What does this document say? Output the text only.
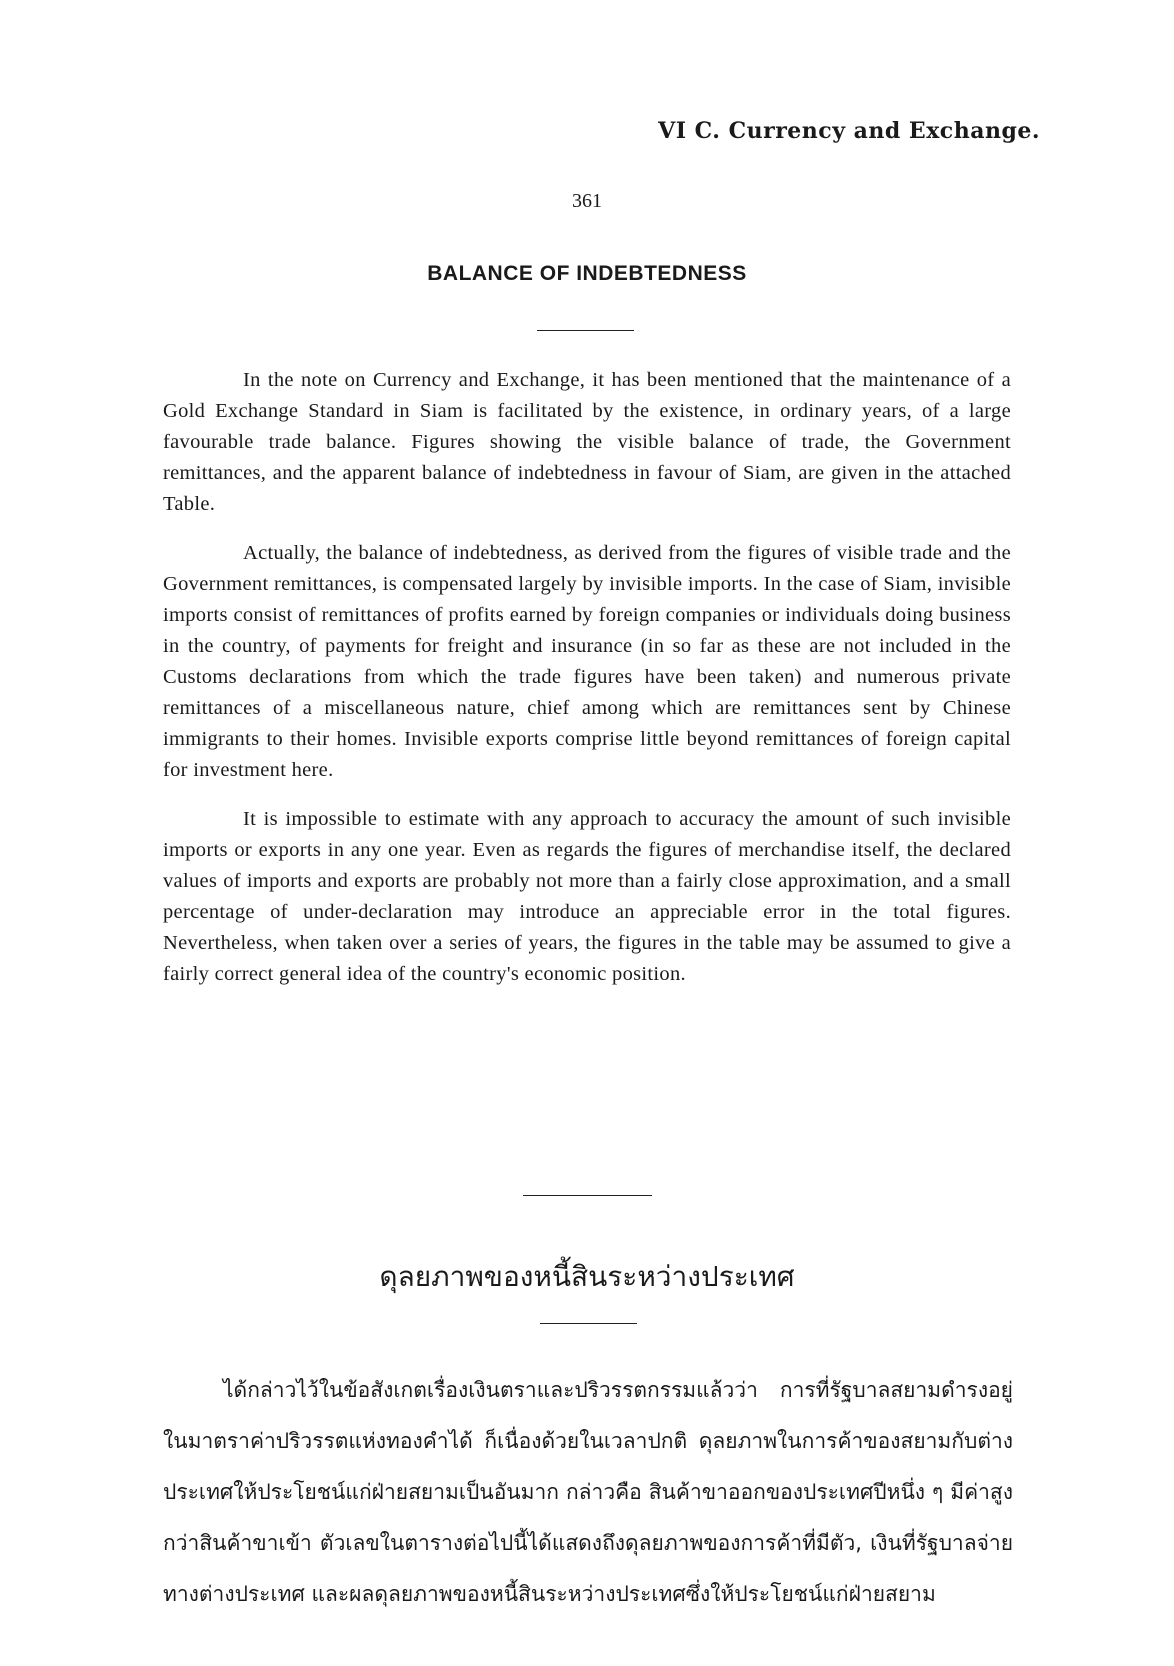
VI C. Currency and Exchange.
361
BALANCE OF INDEBTEDNESS

In the note on Currency and Exchange, it has been mentioned that the maintenance of a Gold Exchange Standard in Siam is facilitated by the existence, in ordinary years, of a large favourable trade balance. Figures showing the visible balance of trade, the Government remittances, and the apparent balance of indebtedness in favour of Siam, are given in the attached Table.

Actually, the balance of indebtedness, as derived from the figures of visible trade and the Government remittances, is compensated largely by invisible imports. In the case of Siam, invisible imports consist of remittances of profits earned by foreign companies or individuals doing business in the country, of payments for freight and insurance (in so far as these are not included in the Customs declarations from which the trade figures have been taken) and numerous private remittances of a miscellaneous nature, chief among which are remittances sent by Chinese immigrants to their homes. Invisible exports comprise little beyond remittances of foreign capital for investment here.

It is impossible to estimate with any approach to accuracy the amount of such invisible imports or exports in any one year. Even as regards the figures of merchandise itself, the declared values of imports and exports are probably not more than a fairly close approximation, and a small percentage of under-declaration may introduce an appreciable error in the total figures. Nevertheless, when taken over a series of years, the figures in the table may be assumed to give a fairly correct general idea of the country's economic position.

ดุลยภาพของหนี้สินระหว่างประเทศ

ได้กล่าวไว้ในข้อสังเกตเรื่องเงินตราและปริวรรตกรรมแล้วว่า การที่รัฐบาลสยามดำรงอยู่ในมาตราค่าปริวรรตแห่งทองคำได้ ก็เนื่องด้วยในเวลาปกติ ดุลยภาพในการค้าของสยามกับต่างประเทศให้ประโยชน์แก่ฝ่ายสยามเป็นอันมาก กล่าวคือ สินค้าขาออกของประเทศปีหนึ่ง ๆ มีค่าสูงกว่าสินค้าขาเข้า ตัวเลขในตารางต่อไปนี้ได้แสดงถึงดุลยภาพของการค้าที่มีตัว, เงินที่รัฐบาลจ่ายทางต่างประเทศ และผลดุลยภาพของหนี้สินระหว่างประเทศซึ่งให้ประโยชน์แก่ฝ่ายสยาม
